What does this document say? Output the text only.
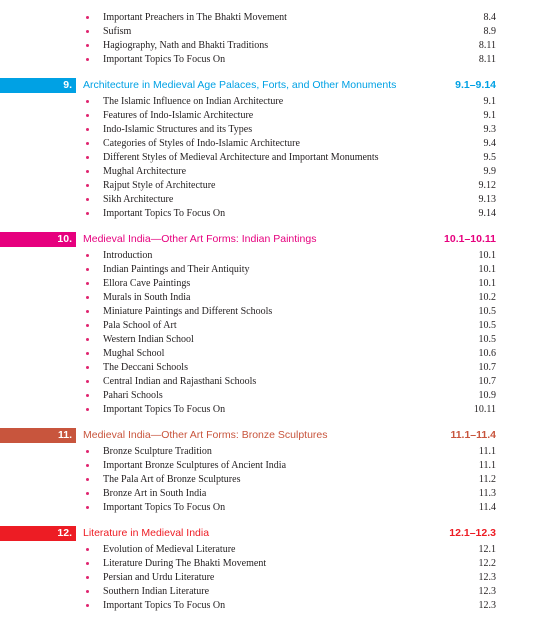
Important Preachers in The Bhakti Movement	8.4
Sufism	8.9
Hagiography, Nath and Bhakti Traditions	8.11
Important Topics To Focus On	8.11
9. Architecture in Medieval Age Palaces, Forts, and Other Monuments	9.1–9.14
The Islamic Influence on Indian Architecture	9.1
Features of Indo-Islamic Architecture	9.1
Indo-Islamic Structures and its Types	9.3
Categories of Styles of Indo-Islamic Architecture	9.4
Different Styles of Medieval Architecture and Important Monuments	9.5
Mughal Architecture	9.9
Rajput Style of Architecture	9.12
Sikh Architecture	9.13
Important Topics To Focus On	9.14
10. Medieval India—Other Art Forms: Indian Paintings	10.1–10.11
Introduction	10.1
Indian Paintings and Their Antiquity	10.1
Ellora Cave Paintings	10.1
Murals in South India	10.2
Miniature Paintings and Different Schools	10.5
Pala School of Art	10.5
Western Indian School	10.5
Mughal School	10.6
The Deccani Schools	10.7
Central Indian and Rajasthani Schools	10.7
Pahari Schools	10.9
Important Topics To Focus On	10.11
11. Medieval India—Other Art Forms: Bronze Sculptures	11.1–11.4
Bronze Sculpture Tradition	11.1
Important Bronze Sculptures of Ancient India	11.1
The Pala Art of Bronze Sculptures	11.2
Bronze Art in South India	11.3
Important Topics To Focus On	11.4
12. Literature in Medieval India	12.1–12.3
Evolution of Medieval Literature	12.1
Literature During The Bhakti Movement	12.2
Persian and Urdu Literature	12.3
Southern Indian Literature	12.3
Important Topics To Focus On	12.3
